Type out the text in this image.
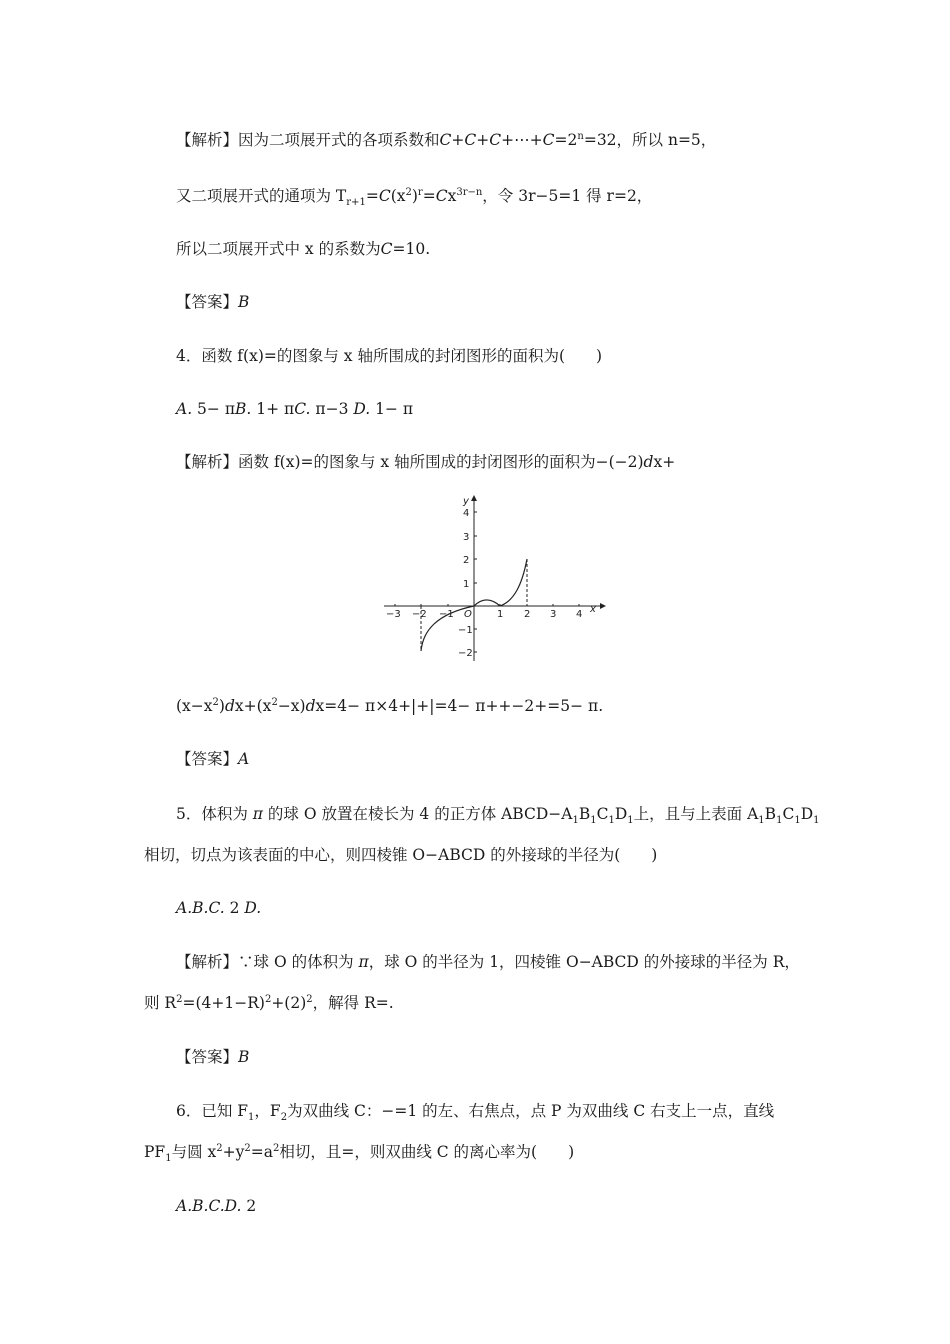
【解析】因为二项展开式的各项系数和$C+C+C+\cdots+C=2^n=32$，所以 n=5，
又二项展开式的通项为 $T_{r+1}=C(x^2)^r=Cx^{3r-n}$，令 3r−5=1 得 r=2，
所以二项展开式中 x 的系数为C=10.
【答案】B
4．函数 f(x)=的图象与 x 轴所围成的封闭图形的面积为(　　)
A. 5− πB. 1+ πC. π−3 D. 1− π
【解析】函数 f(x)=的图象与 x 轴所围成的封闭图形的面积为−(−2)dx+
y
x
O
−3 −2 −1	1 2 3 4
4
3
2
1
−1
−2
$(x-x^2)dx+(x^2-x)dx=4- \pi\times 4+|+|=4- \pi++-2+=5- \pi$.
【答案】A
5．体积为 π 的球 O 放置在棱长为 4 的正方体 $ABCD-A_1B_1C_1D_1$上，且与上表面 $A_1B_1C_1D_1$
相切，切点为该表面的中心，则四棱锥 O−ABCD 的外接球的半径为(　　)
A.B.C. 2 D.
【解析】∵球 O 的体积为 π，球 O 的半径为 1，四棱锥 O−ABCD 的外接球的半径为 R，
则 $R^2=(4+1-R)^2+(2)^2$，解得 R=.
【答案】B
6．已知 $F_1$，$F_2$为双曲线 C：−=1 的左、右焦点，点 P 为双曲线 C 右支上一点，直线
$PF_1$与圆 $x^2+y^2=a^2$相切，且=，则双曲线 C 的离心率为(　　)
A.B.C.D. 2
